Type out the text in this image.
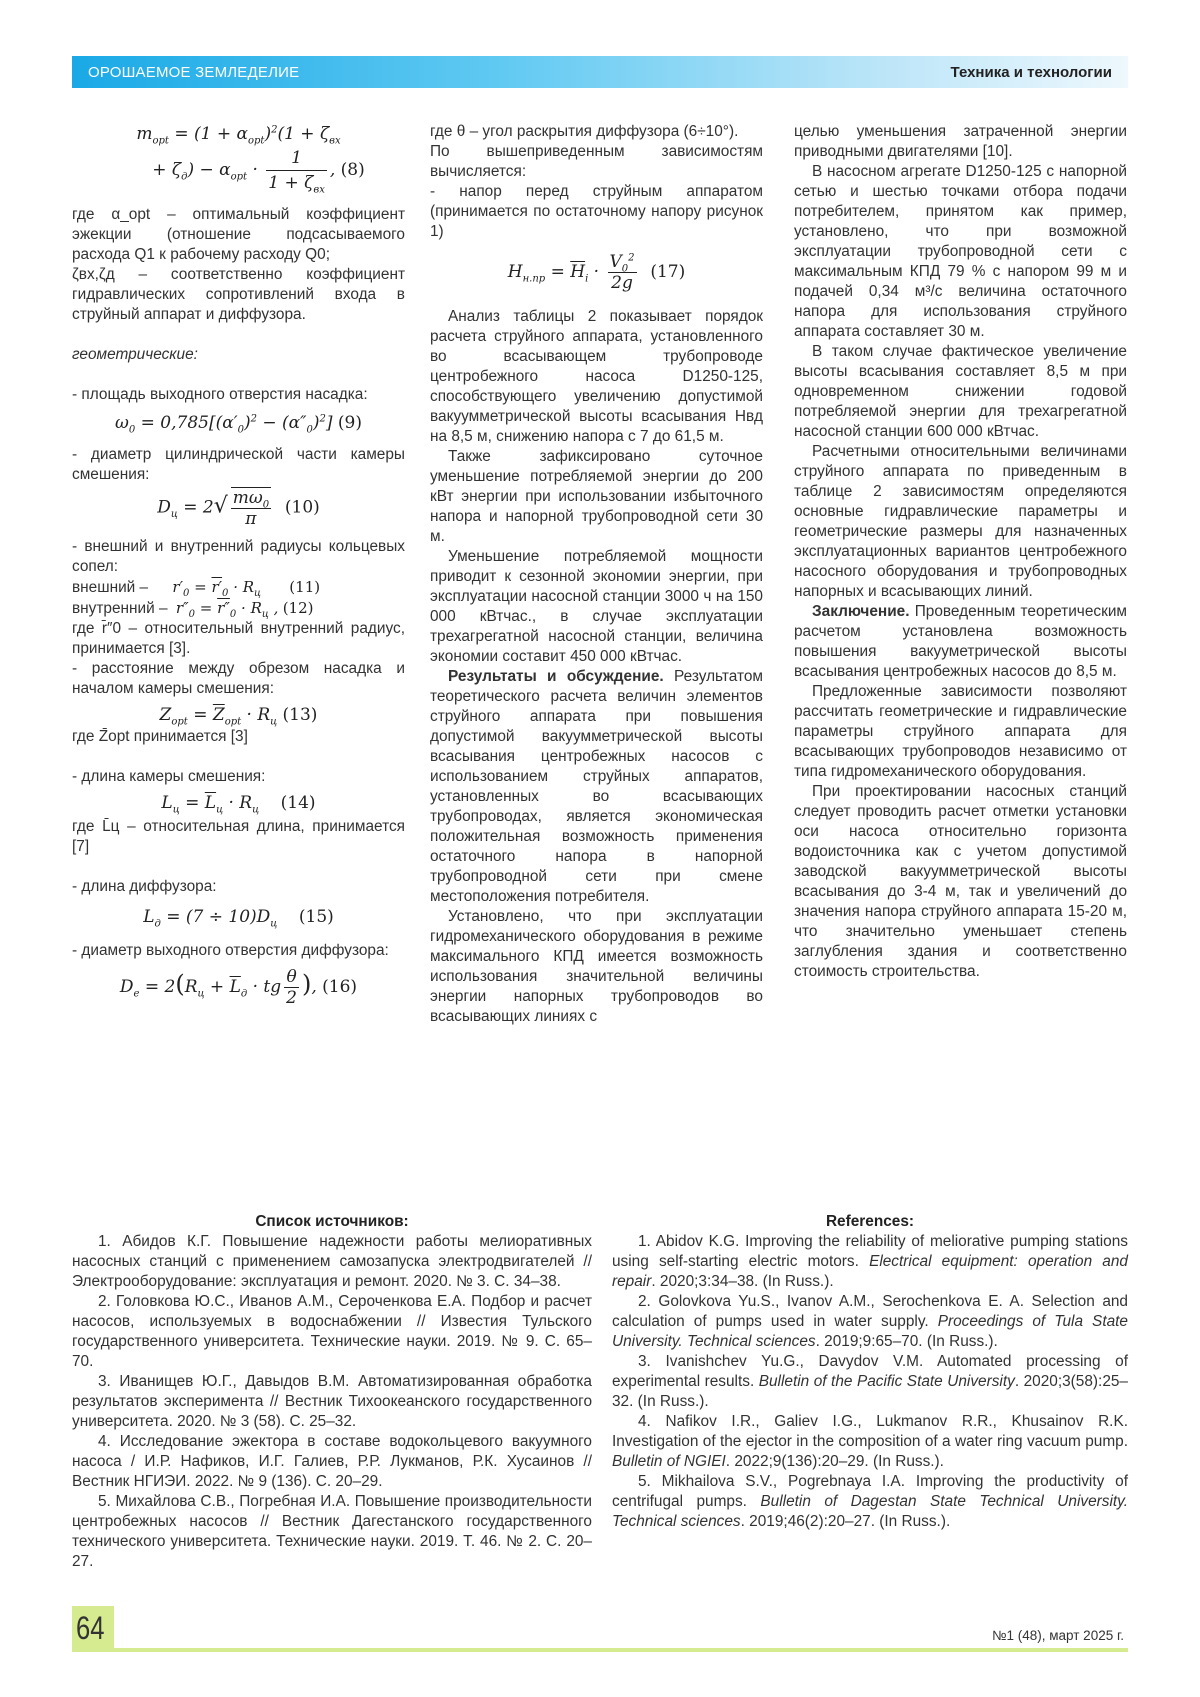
ОРОШАЕМОЕ ЗЕМЛЕДЕЛИЕ	Техника и технологии
$m_{opt} = (1 + \alpha_{opt})^2(1 + \zeta_{вх}$
+ $\zeta_д) - \alpha_{opt} \cdot \frac{1}{1 + \zeta_{вх}}$ , (8)

где α_opt – оптимальный коэффициент эжекции (отношение подсасываемого расхода Q1 к рабочему расходу Q0;

ζвх,ζд – соответственно коэффициент гидравлических сопротивлений входа в струйный аппарат и диффузора.

геометрические:

- площадь выходного отверстия насадка:

$\omega_0 = 0,785[(\alpha'_0)^2 - (\alpha''_0)^2]$ (9)

- диаметр цилиндрической части камеры смешения:

$D_ц = 2√ \frac{m\omega_0}{\pi} (10)$

- внешний и внутренний радиусы кольцевых сопел:

внешний – $r'_0 = r'_0 \cdot R_ц$ (11)
внутренний – $r''_0 = r''_0 \cdot R_ц$ , (12)

где r̄″0 – относительный внутренний радиус, принимается [3].

- расстояние между обрезом насадка и началом камеры смешения:

$Z_{opt} = \overline{Z}_{opt} \cdot R_ц$ (13)

где Z̄opt принимается [3]

- длина камеры смешения:

$L_ц = \overline{L}_ц \cdot R_ц$ (14)

где L̄ц – относительная длина, принимается [7]

- длина диффузора:

$L_д = (7 \div 10)D_ц$ (15)

- диаметр выходного отверстия диффузора:

$D_e = 2(R_ц + \overline{L}_д$ · tg $\frac{\theta}{2}$ ), (16)

где θ – угол раскрытия диффузора (6÷10°).

По вышеприведенным зависимостям вычисляется:

- напор перед струйным аппаратом (принимается по остаточному напору рисунок 1)

$H_{н.пр} = \overline{H}_i \cdot \frac{V_0^2}{2g} (17)$

Анализ таблицы 2 показывает порядок расчета струйного аппарата, установленного во всасывающем трубопроводе центробежного насоса D1250-125, способствующего увеличению допустимой вакуумметрической высоты всасывания Hвд на 8,5 м, снижению напора с 7 до 61,5 м.

Также зафиксировано суточное уменьшение потребляемой энергии до 200 кВт энергии при использовании избыточного напора и напорной трубопроводной сети 30 м.

Уменьшение потребляемой мощности приводит к сезонной экономии энергии, при эксплуатации насосной станции 3000 ч на 150 000 кВтчас., в случае эксплуатации трехагрегатной насосной станции, величина экономии составит 450 000 кВтчас.

Результаты и обсуждение. Результатом теоретического расчета величин элементов струйного аппарата при повышения допустимой вакуумметрической высоты всасывания центробежных насосов с использованием струйных аппаратов, установленных во всасывающих трубопроводах, является экономическая положительная возможность применения остаточного напора в напорной трубопроводной сети при смене местоположения потребителя.

Установлено, что при эксплуатации гидромеханического оборудования в режиме максимального КПД имеется возможность использования значительной величины энергии напорных трубопроводов во всасывающих линиях с

целью уменьшения затраченной энергии приводными двигателями [10].

В насосном агрегате D1250-125 с напорной сетью и шестью точками отбора подачи потребителем, принятом как пример, установлено, что при возможной эксплуатации трубопроводной сети с максимальным КПД 79 % с напором 99 м и подачей 0,34 м³/с величина остаточного напора для использования струйного аппарата составляет 30 м.

В таком случае фактическое увеличение высоты всасывания составляет 8,5 м при одновременном снижении годовой потребляемой энергии для трехагрегатной насосной станции 600 000 кВтчас.

Расчетными относительными величинами струйного аппарата по приведенным в таблице 2 зависимостям определяются основные гидравлические параметры и геометрические размеры для назначенных эксплуатационных вариантов центробежного насосного оборудования и трубопроводных напорных и всасывающих линий.

Заключение. Проведенным теоретическим расчетом установлена возможность повышения вакууметрической высоты всасывания центробежных насосов до 8,5 м.

Предложенные зависимости позволяют рассчитать геометрические и гидравлические параметры струйного аппарата для всасывающих трубопроводов независимо от типа гидромеханического оборудования.

При проектировании насосных станций следует проводить расчет отметки установки оси насоса относительно горизонта водоисточника как с учетом допустимой заводской вакуумметрической высоты всасывания до 3-4 м, так и увеличений до значения напора струйного аппарата 15-20 м, что значительно уменьшает степень заглубления здания и соответственно стоимость строительства.

Список источников:

1. Абидов К.Г. Повышение надежности работы мелиоративных насосных станций с применением самозапуска электродвигателей // Электрооборудование: эксплуатация и ремонт. 2020. № 3. С. 34–38.

2. Головкова Ю.С., Иванов А.М., Сероченкова Е.А. Подбор и расчет насосов, используемых в водоснабжении // Известия Тульского государственного университета. Технические науки. 2019. № 9. С. 65–70.

3. Иванищев Ю.Г., Давыдов В.М. Автоматизированная обработка результатов эксперимента // Вестник Тихоокеанского государственного университета. 2020. № 3 (58). С. 25–32.

4. Исследование эжектора в составе водокольцевого вакуумного насоса / И.Р. Нафиков, И.Г. Галиев, Р.Р. Лукманов, Р.К. Хусаинов // Вестник НГИЭИ. 2022. № 9 (136). С. 20–29.

5. Михайлова С.В., Погребная И.А. Повышение производительности центробежных насосов // Вестник Дагестанского государственного технического университета. Технические науки. 2019. Т. 46. № 2. С. 20–27.

References:

1. Abidov K.G. Improving the reliability of meliorative pumping stations using self-starting electric motors. Electrical equipment: operation and repair. 2020;3:34–38. (In Russ.).

2. Golovkova Yu.S., Ivanov A.M., Serochenkova E. A. Selection and calculation of pumps used in water supply. Proceedings of Tula State University. Technical sciences. 2019;9:65–70. (In Russ.).

3. Ivanishchev Yu.G., Davydov V.M. Automated processing of experimental results. Bulletin of the Pacific State University. 2020;3(58):25–32. (In Russ.).

4. Nafikov I.R., Galiev I.G., Lukmanov R.R., Khusainov R.K. Investigation of the ejector in the composition of a water ring vacuum pump. Bulletin of NGIEI. 2022;9(136):20–29. (In Russ.).

5. Mikhailova S.V., Pogrebnaya I.A. Improving the productivity of centrifugal pumps. Bulletin of Dagestan State Technical University. Technical sciences. 2019;46(2):20–27. (In Russ.).

64	№1 (48), март 2025 г.
